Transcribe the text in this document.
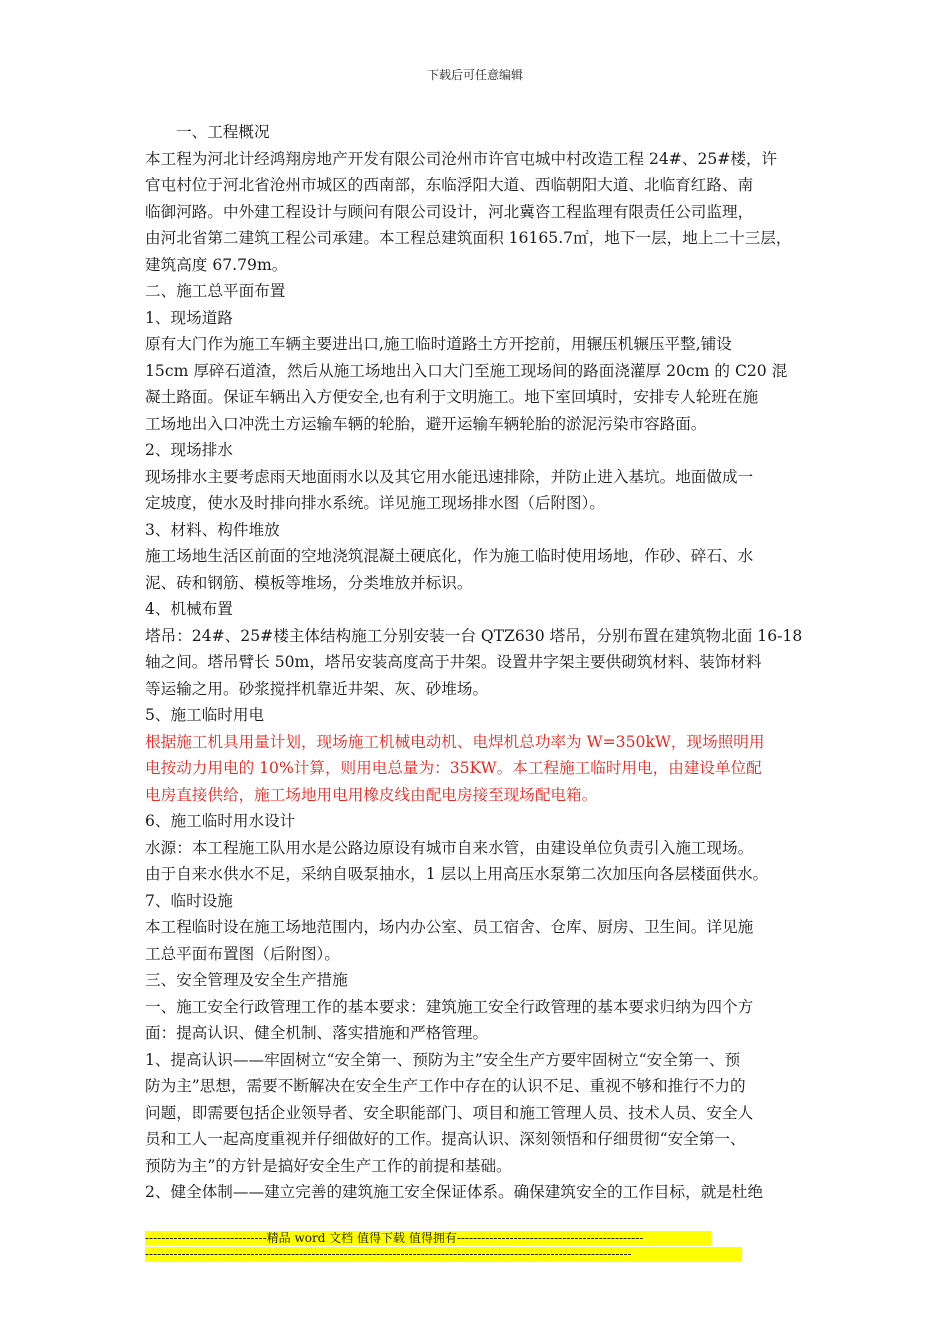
下载后可任意编辑
一、工程概况
本工程为河北计经鸿翔房地产开发有限公司沧州市许官屯城中村改造工程 24#、25#楼，许
官屯村位于河北省沧州市城区的西南部，东临浮阳大道、西临朝阳大道、北临育红路、南
临御河路。中外建工程设计与顾问有限公司设计，河北冀咨工程监理有限责任公司监理，
由河北省第二建筑工程公司承建。本工程总建筑面积 16165.7㎡，地下一层，地上二十三层，
建筑高度 67.79m。
二、施工总平面布置
1、现场道路
原有大门作为施工车辆主要进出口,施工临时道路土方开挖前，用辗压机辗压平整,铺设
15cm 厚碎石道渣，然后从施工场地出入口大门至施工现场间的路面浇灌厚 20cm 的 C20 混
凝土路面。保证车辆出入方便安全,也有利于文明施工。地下室回填时，安排专人轮班在施
工场地出入口冲洗土方运输车辆的轮胎，避开运输车辆轮胎的淤泥污染市容路面。
2、现场排水
现场排水主要考虑雨天地面雨水以及其它用水能迅速排除，并防止进入基坑。地面做成一
定坡度，使水及时排向排水系统。详见施工现场排水图（后附图）。
3、材料、构件堆放
施工场地生活区前面的空地浇筑混凝土硬底化，作为施工临时使用场地，作砂、碎石、水
泥、砖和钢筋、模板等堆场，分类堆放并标识。
4、机械布置
塔吊：24#、25#楼主体结构施工分别安装一台 QTZ630 塔吊，分别布置在建筑物北面 16-18
轴之间。塔吊臂长 50m，塔吊安装高度高于井架。设置井字架主要供砌筑材料、装饰材料
等运输之用。砂浆搅拌机靠近井架、灰、砂堆场。
5、施工临时用电
根据施工机具用量计划，现场施工机械电动机、电焊机总功率为 W=350kW，现场照明用
电按动力用电的 10%计算，则用电总量为：35KW。本工程施工临时用电，由建设单位配
电房直接供给，施工场地用电用橡皮线由配电房接至现场配电箱。
6、施工临时用水设计
水源：本工程施工队用水是公路边原设有城市自来水管，由建设单位负责引入施工现场。
由于自来水供水不足，采纳自吸泵抽水，1 层以上用高压水泵第二次加压向各层楼面供水。
7、临时设施
本工程临时设在施工场地范围内，场内办公室、员工宿舍、仓库、厨房、卫生间。详见施
工总平面布置图（后附图）。
三、安全管理及安全生产措施
一、施工安全行政管理工作的基本要求：建筑施工安全行政管理的基本要求归纳为四个方
面：提高认识、健全机制、落实措施和严格管理。
1、提高认识——牢固树立“安全第一、预防为主”安全生产方要牢固树立“安全第一、预
防为主”思想，需要不断解决在安全生产工作中存在的认识不足、重视不够和推行不力的
问题，即需要包括企业领导者、安全职能部门、项目和施工管理人员、技术人员、安全人
员和工人一起高度重视并仔细做好的工作。提高认识、深刻领悟和仔细贯彻“安全第一、
预防为主”的方针是搞好安全生产工作的前提和基础。
2、健全体制——建立完善的建筑施工安全保证体系。确保建筑安全的工作目标，就是杜绝
------------------------------精品 word 文档 值得下载 值得拥有----------------------------------------------
------------------------------------------------------------------------------------------------------------------------
